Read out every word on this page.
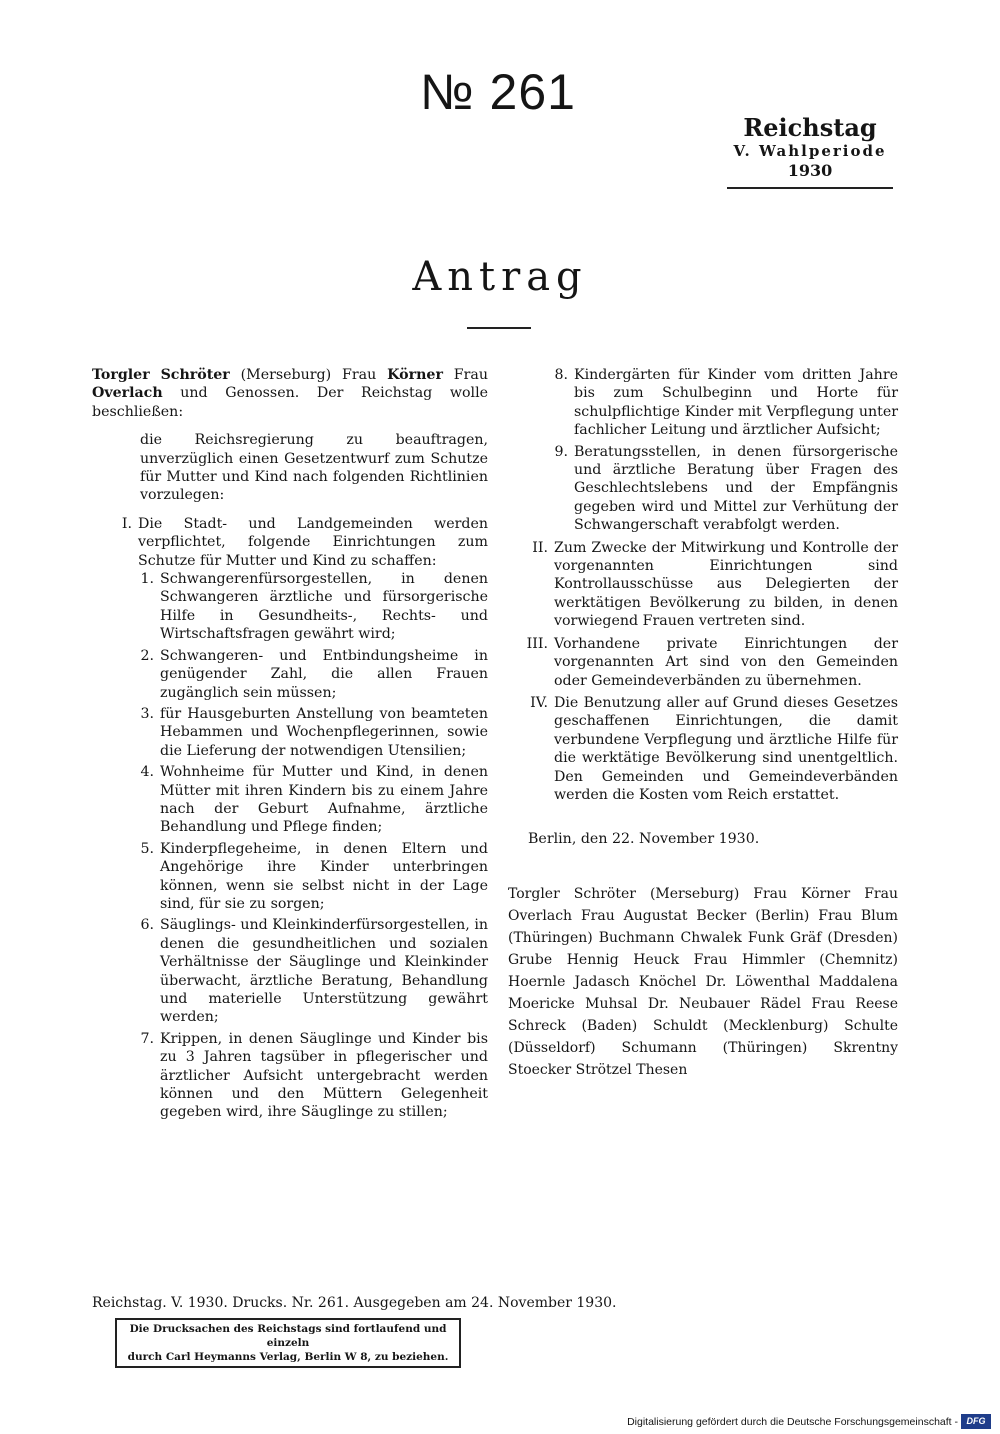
№ 261
Reichstag
V. Wahlperiode
1930
Antrag

Torgler Schröter (Merseburg) Frau Körner Frau Overlach und Genossen. Der Reichstag wolle beschließen:

die Reichsregierung zu beauftragen, unverzüglich einen Gesetzentwurf zum Schutze für Mutter und Kind nach folgenden Richtlinien vorzulegen:
I. Die Stadt- und Landgemeinden werden verpflichtet, folgende Einrichtungen zum Schutze für Mutter und Kind zu schaffen:
1. Schwangerenfürsorgestellen, in denen Schwangeren ärztliche und fürsorgerische Hilfe in Gesundheits-, Rechts- und Wirtschaftsfragen gewährt wird;
2. Schwangeren- und Entbindungsheime in genügender Zahl, die allen Frauen zugänglich sein müssen;
3. für Hausgeburten Anstellung von beamteten Hebammen und Wochenpflegerinnen, sowie die Lieferung der notwendigen Utensilien;
4. Wohnheime für Mutter und Kind, in denen Mütter mit ihren Kindern bis zu einem Jahre nach der Geburt Aufnahme, ärztliche Behandlung und Pflege finden;
5. Kinderpflegeheime, in denen Eltern und Angehörige ihre Kinder unterbringen können, wenn sie selbst nicht in der Lage sind, für sie zu sorgen;
6. Säuglings- und Kleinkinderfürsorgestellen, in denen die gesundheitlichen und sozialen Verhältnisse der Säuglinge und Kleinkinder überwacht, ärztliche Beratung, Behandlung und materielle Unterstützung gewährt werden;
7. Krippen, in denen Säuglinge und Kinder bis zu 3 Jahren tagsüber in pflegerischer und ärztlicher Aufsicht untergebracht werden können und den Müttern Gelegenheit gegeben wird, ihre Säuglinge zu stillen;
8. Kindergärten für Kinder vom dritten Jahre bis zum Schulbeginn und Horte für schulpflichtige Kinder mit Verpflegung unter fachlicher Leitung und ärztlicher Aufsicht;
9. Beratungsstellen, in denen fürsorgerische und ärztliche Beratung über Fragen des Geschlechtslebens und der Empfängnis gegeben wird und Mittel zur Verhütung der Schwangerschaft verabfolgt werden.
II. Zum Zwecke der Mitwirkung und Kontrolle der vorgenannten Einrichtungen sind Kontrollausschüsse aus Delegierten der werktätigen Bevölkerung zu bilden, in denen vorwiegend Frauen vertreten sind.
III. Vorhandene private Einrichtungen der vorgenannten Art sind von den Gemeinden oder Gemeindeverbänden zu übernehmen.
IV. Die Benutzung aller auf Grund dieses Gesetzes geschaffenen Einrichtungen, die damit verbundene Verpflegung und ärztliche Hilfe für die werktätige Bevölkerung sind unentgeltlich. Den Gemeinden und Gemeindeverbänden werden die Kosten vom Reich erstattet.
Berlin, den 22. November 1930.
Torgler Schröter (Merseburg) Frau Körner Frau Overlach Frau Augustat Becker (Berlin) Frau Blum (Thüringen) Buchmann Chwalek Funk Gräf (Dresden) Grube Hennig Heuck Frau Himmler (Chemnitz) Hoernle Jadasch Knöchel Dr. Löwenthal Maddalena Moericke Muhsal Dr. Neubauer Rädel Frau Reese Schreck (Baden) Schuldt (Mecklenburg) Schulte (Düsseldorf) Schumann (Thüringen) Skrentny Stoecker Strötzel Thesen
Reichstag. V. 1930. Drucks. Nr. 261. Ausgegeben am 24. November 1930.
Die Drucksachen des Reichstags sind fortlaufend und einzeln
durch Carl Heymanns Verlag, Berlin W 8, zu beziehen.
Digitalisierung gefördert durch die Deutsche Forschungsgemeinschaft - DFG
